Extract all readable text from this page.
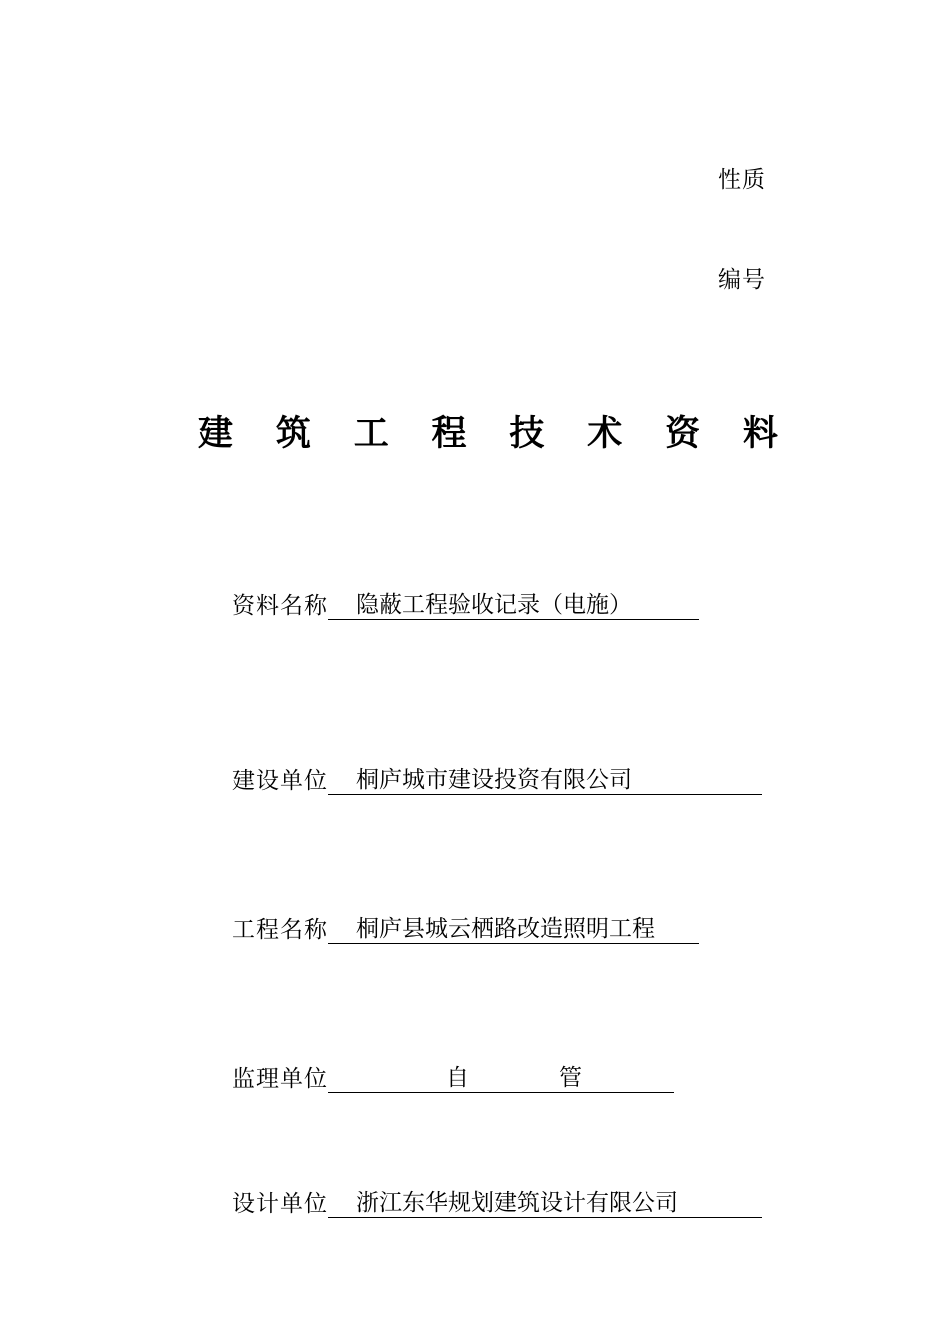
性质
编号
建 筑 工 程 技 术 资 料
资料名称	隐蔽工程验收记录（电施）
建设单位	桐庐城市建设投资有限公司
工程名称	桐庐县城云栖路改造照明工程
监理单位	自	管
设计单位	浙江东华规划建筑设计有限公司
